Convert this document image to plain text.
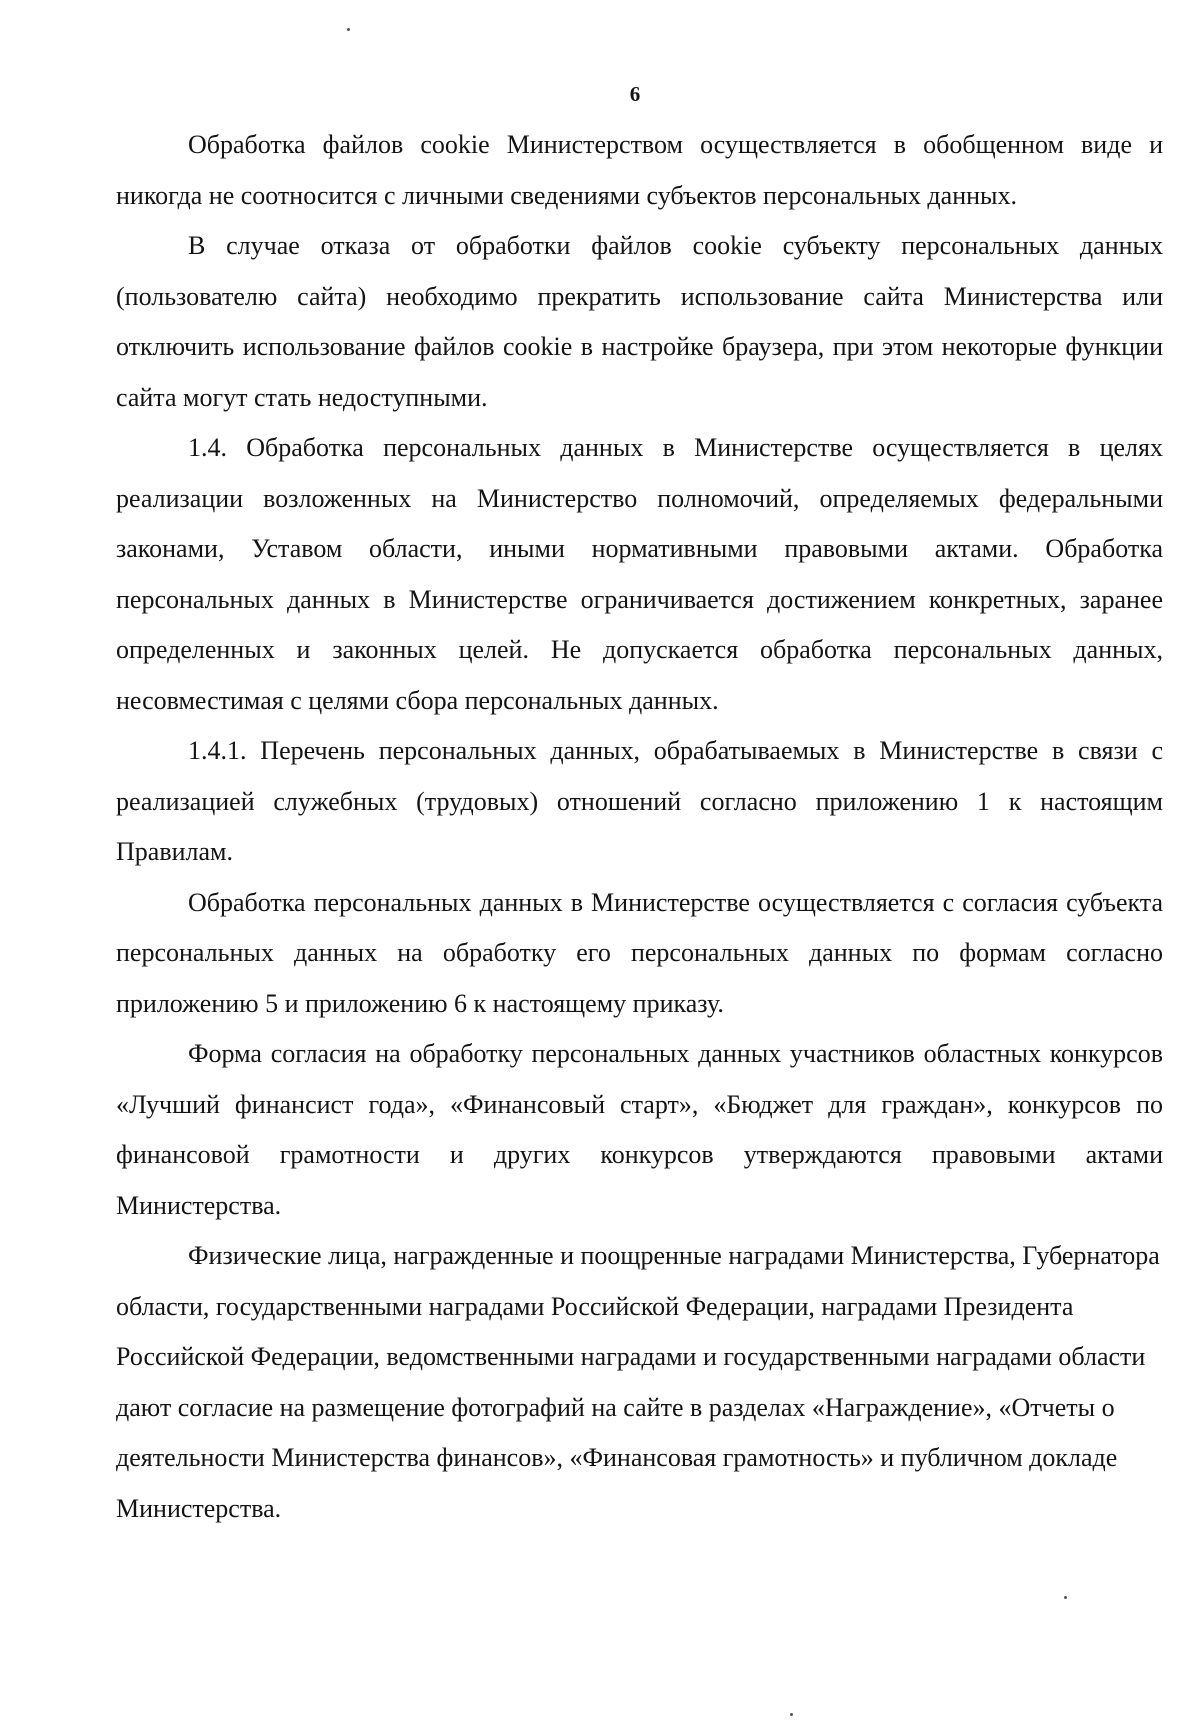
6

Обработка файлов cookie Министерством осуществляется в обобщенном виде и никогда не соотносится с личными сведениями субъектов персональных данных.

В случае отказа от обработки файлов cookie субъекту персональных данных (пользователю сайта) необходимо прекратить использование сайта Министерства или отключить использование файлов cookie в настройке браузера, при этом некоторые функции сайта могут стать недоступными.

1.4. Обработка персональных данных в Министерстве осуществляется в целях реализации возложенных на Министерство полномочий, определяемых федеральными законами, Уставом области, иными нормативными правовыми актами. Обработка персональных данных в Министерстве ограничивается достижением конкретных, заранее определенных и законных целей. Не допускается обработка персональных данных, несовместимая с целями сбора персональных данных.

1.4.1. Перечень персональных данных, обрабатываемых в Министерстве в связи с реализацией служебных (трудовых) отношений согласно приложению 1 к настоящим Правилам.

Обработка персональных данных в Министерстве осуществляется с согласия субъекта персональных данных на обработку его персональных данных по формам согласно приложению 5 и приложению 6 к настоящему приказу.

Форма согласия на обработку персональных данных участников областных конкурсов «Лучший финансист года», «Финансовый старт», «Бюджет для граждан», конкурсов по финансовой грамотности и других конкурсов утверждаются правовыми актами Министерства.

Физические лица, награжденные и поощренные наградами Министерства, Губернатора области, государственными наградами Российской Федерации, наградами Президента Российской Федерации, ведомственными наградами и государственными наградами области дают согласие на размещение фотографий на сайте в разделах «Награждение», «Отчеты о деятельности Министерства финансов», «Финансовая грамотность» и публичном докладе Министерства.
